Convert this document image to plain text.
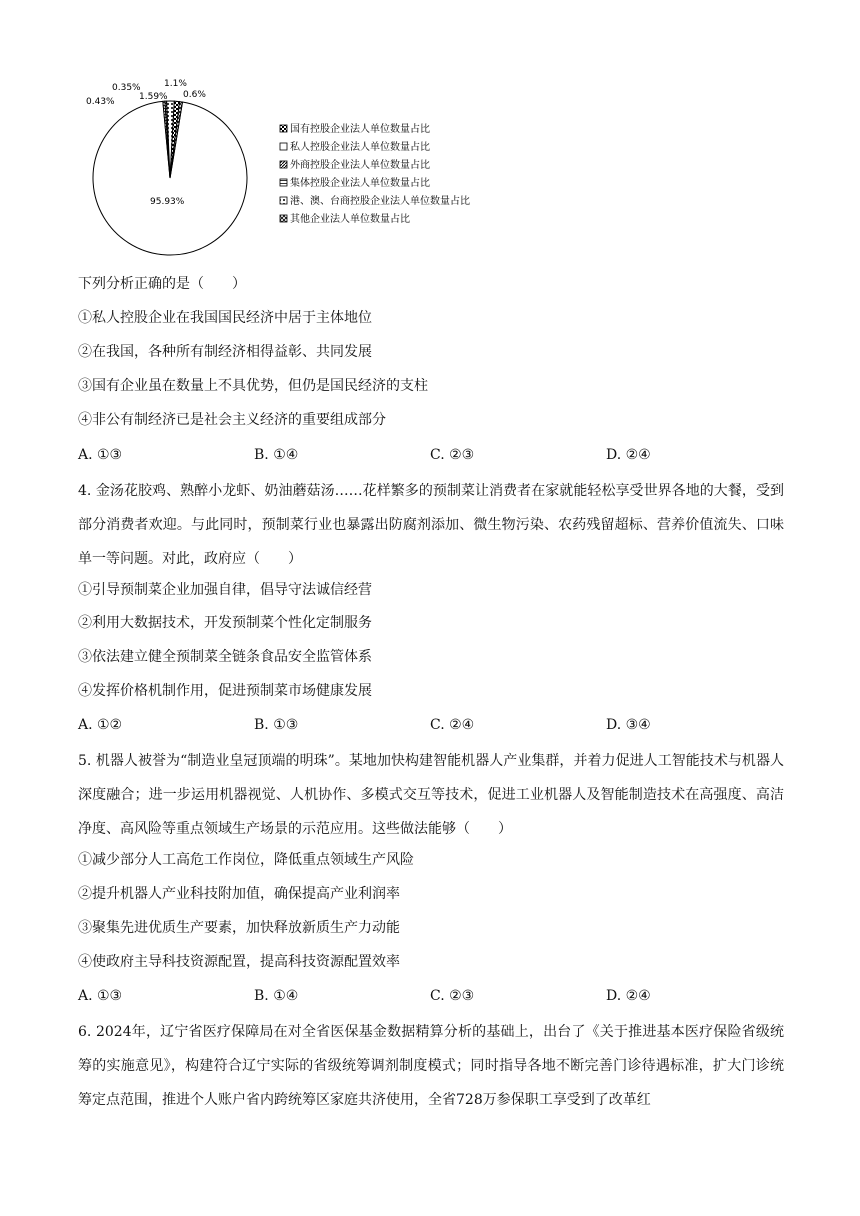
1.1%
95.93%
0.35%
0.43%	1.59% 0.6%
国有控股企业法人单位数量占比
私人控股企业法人单位数量占比
外商控股企业法人单位数量占比
集体控股企业法人单位数量占比
港、澳、台商控股企业法人单位数量占比
其他企业法人单位数量占比
下列分析正确的是（　　）
①私人控股企业在我国国民经济中居于主体地位
②在我国，各种所有制经济相得益彰、共同发展
③国有企业虽在数量上不具优势，但仍是国民经济的支柱
④非公有制经济已是社会主义经济的重要组成部分
A. ①③	B. ①④	C. ②③	D. ②④
4. 金汤花胶鸡、熟醉小龙虾、奶油蘑菇汤……花样繁多的预制菜让消费者在家就能轻松享受世界各地的大餐，受到部分消费者欢迎。与此同时，预制菜行业也暴露出防腐剂添加、微生物污染、农药残留超标、营养价值流失、口味单一等问题。对此，政府应（　　）
①引导预制菜企业加强自律，倡导守法诚信经营
②利用大数据技术，开发预制菜个性化定制服务
③依法建立健全预制菜全链条食品安全监管体系
④发挥价格机制作用，促进预制菜市场健康发展
A. ①②	B. ①③	C. ②④	D. ③④
5. 机器人被誉为“制造业皇冠顶端的明珠”。某地加快构建智能机器人产业集群，并着力促进人工智能技术与机器人深度融合；进一步运用机器视觉、人机协作、多模式交互等技术，促进工业机器人及智能制造技术在高强度、高洁净度、高风险等重点领域生产场景的示范应用。这些做法能够（　　）
①减少部分人工高危工作岗位，降低重点领域生产风险
②提升机器人产业科技附加值，确保提高产业利润率
③聚集先进优质生产要素，加快释放新质生产力动能
④使政府主导科技资源配置，提高科技资源配置效率
A. ①③	B. ①④	C. ②③	D. ②④
6. 2024年，辽宁省医疗保障局在对全省医保基金数据精算分析的基础上，出台了《关于推进基本医疗保险省级统筹的实施意见》，构建符合辽宁实际的省级统筹调剂制度模式；同时指导各地不断完善门诊待遇标准，扩大门诊统筹定点范围，推进个人账户省内跨统筹区家庭共济使用，全省728万参保职工享受到了改革红
